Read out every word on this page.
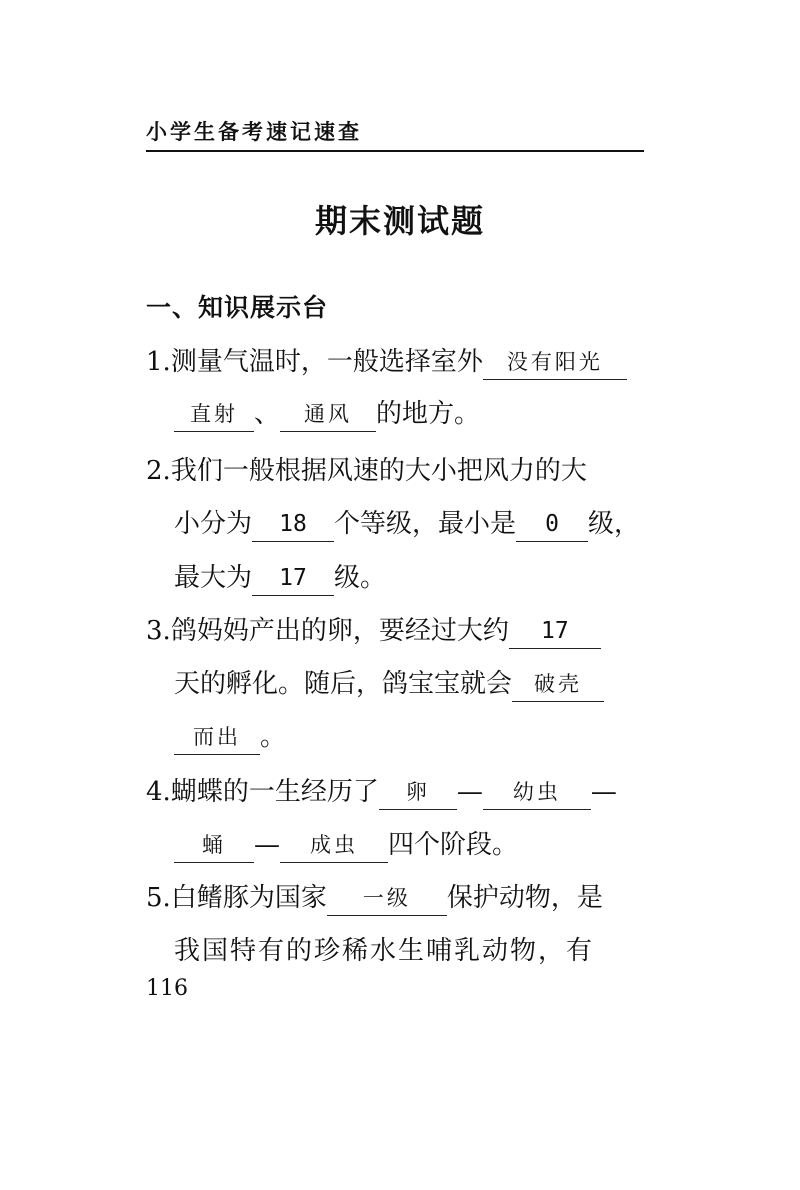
小学生备考速记速查
期末测试题
一、知识展示台
1.测量气温时，一般选择室外 没有阳光
直射 、 通风 的地方。
2.我们一般根据风速的大小把风力的大
小分为 18 个等级，最小是 0 级，
最大为 17 级。
3.鸽妈妈产出的卵，要经过大约 17
天的孵化。随后，鸽宝宝就会 破壳
而出 。
4.蝴蝶的一生经历了 卵 — 幼虫 —
蛹 — 成虫 四个阶段。
5.白鳍豚为国家 一级 保护动物，是
我国特有的珍稀水生哺乳动物，有
116
